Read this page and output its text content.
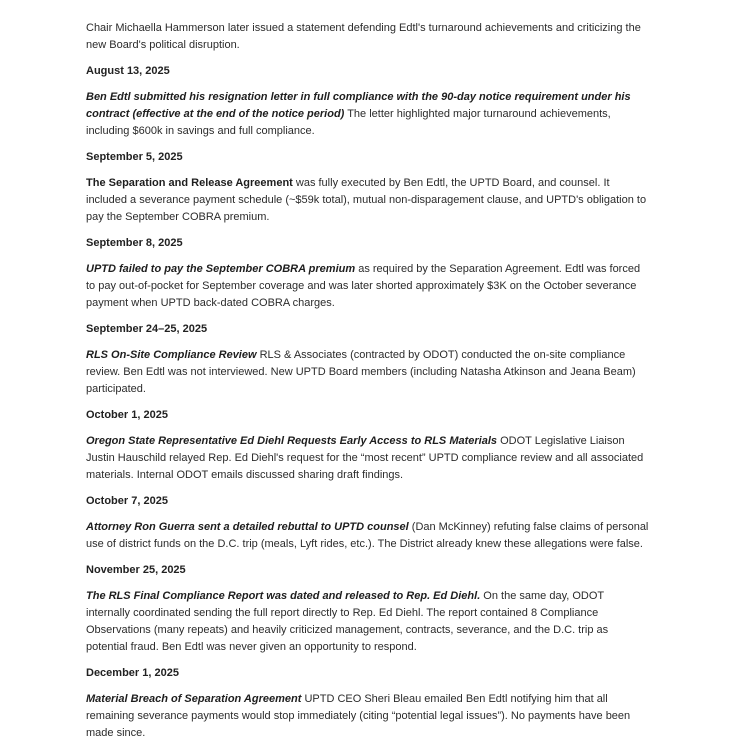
Chair Michaella Hammerson later issued a statement defending Edtl's turnaround achievements and criticizing the new Board's political disruption.

August 13, 2025

Ben Edtl submitted his resignation letter in full compliance with the 90-day notice requirement under his contract (effective at the end of the notice period) The letter highlighted major turnaround achievements, including $600k in savings and full compliance.

September 5, 2025

The Separation and Release Agreement was fully executed by Ben Edtl, the UPTD Board, and counsel. It included a severance payment schedule (~$59k total), mutual non-disparagement clause, and UPTD's obligation to pay the September COBRA premium.

September 8, 2025

UPTD failed to pay the September COBRA premium as required by the Separation Agreement. Edtl was forced to pay out-of-pocket for September coverage and was later shorted approximately $3K on the October severance payment when UPTD back-dated COBRA charges.

September 24–25, 2025

RLS On-Site Compliance Review RLS & Associates (contracted by ODOT) conducted the on-site compliance review. Ben Edtl was not interviewed. New UPTD Board members (including Natasha Atkinson and Jeana Beam) participated.

October 1, 2025

Oregon State Representative Ed Diehl Requests Early Access to RLS Materials ODOT Legislative Liaison Justin Hauschild relayed Rep. Ed Diehl's request for the “most recent” UPTD compliance review and all associated materials. Internal ODOT emails discussed sharing draft findings.

October 7, 2025

Attorney Ron Guerra sent a detailed rebuttal to UPTD counsel (Dan McKinney) refuting false claims of personal use of district funds on the D.C. trip (meals, Lyft rides, etc.). The District already knew these allegations were false.

November 25, 2025

The RLS Final Compliance Report was dated and released to Rep. Ed Diehl. On the same day, ODOT internally coordinated sending the full report directly to Rep. Ed Diehl. The report contained 8 Compliance Observations (many repeats) and heavily criticized management, contracts, severance, and the D.C. trip as potential fraud. Ben Edtl was never given an opportunity to respond.

December 1, 2025

Material Breach of Separation Agreement UPTD CEO Sheri Bleau emailed Ben Edtl notifying him that all remaining severance payments would stop immediately (citing “potential legal issues”). No payments have been made since.
